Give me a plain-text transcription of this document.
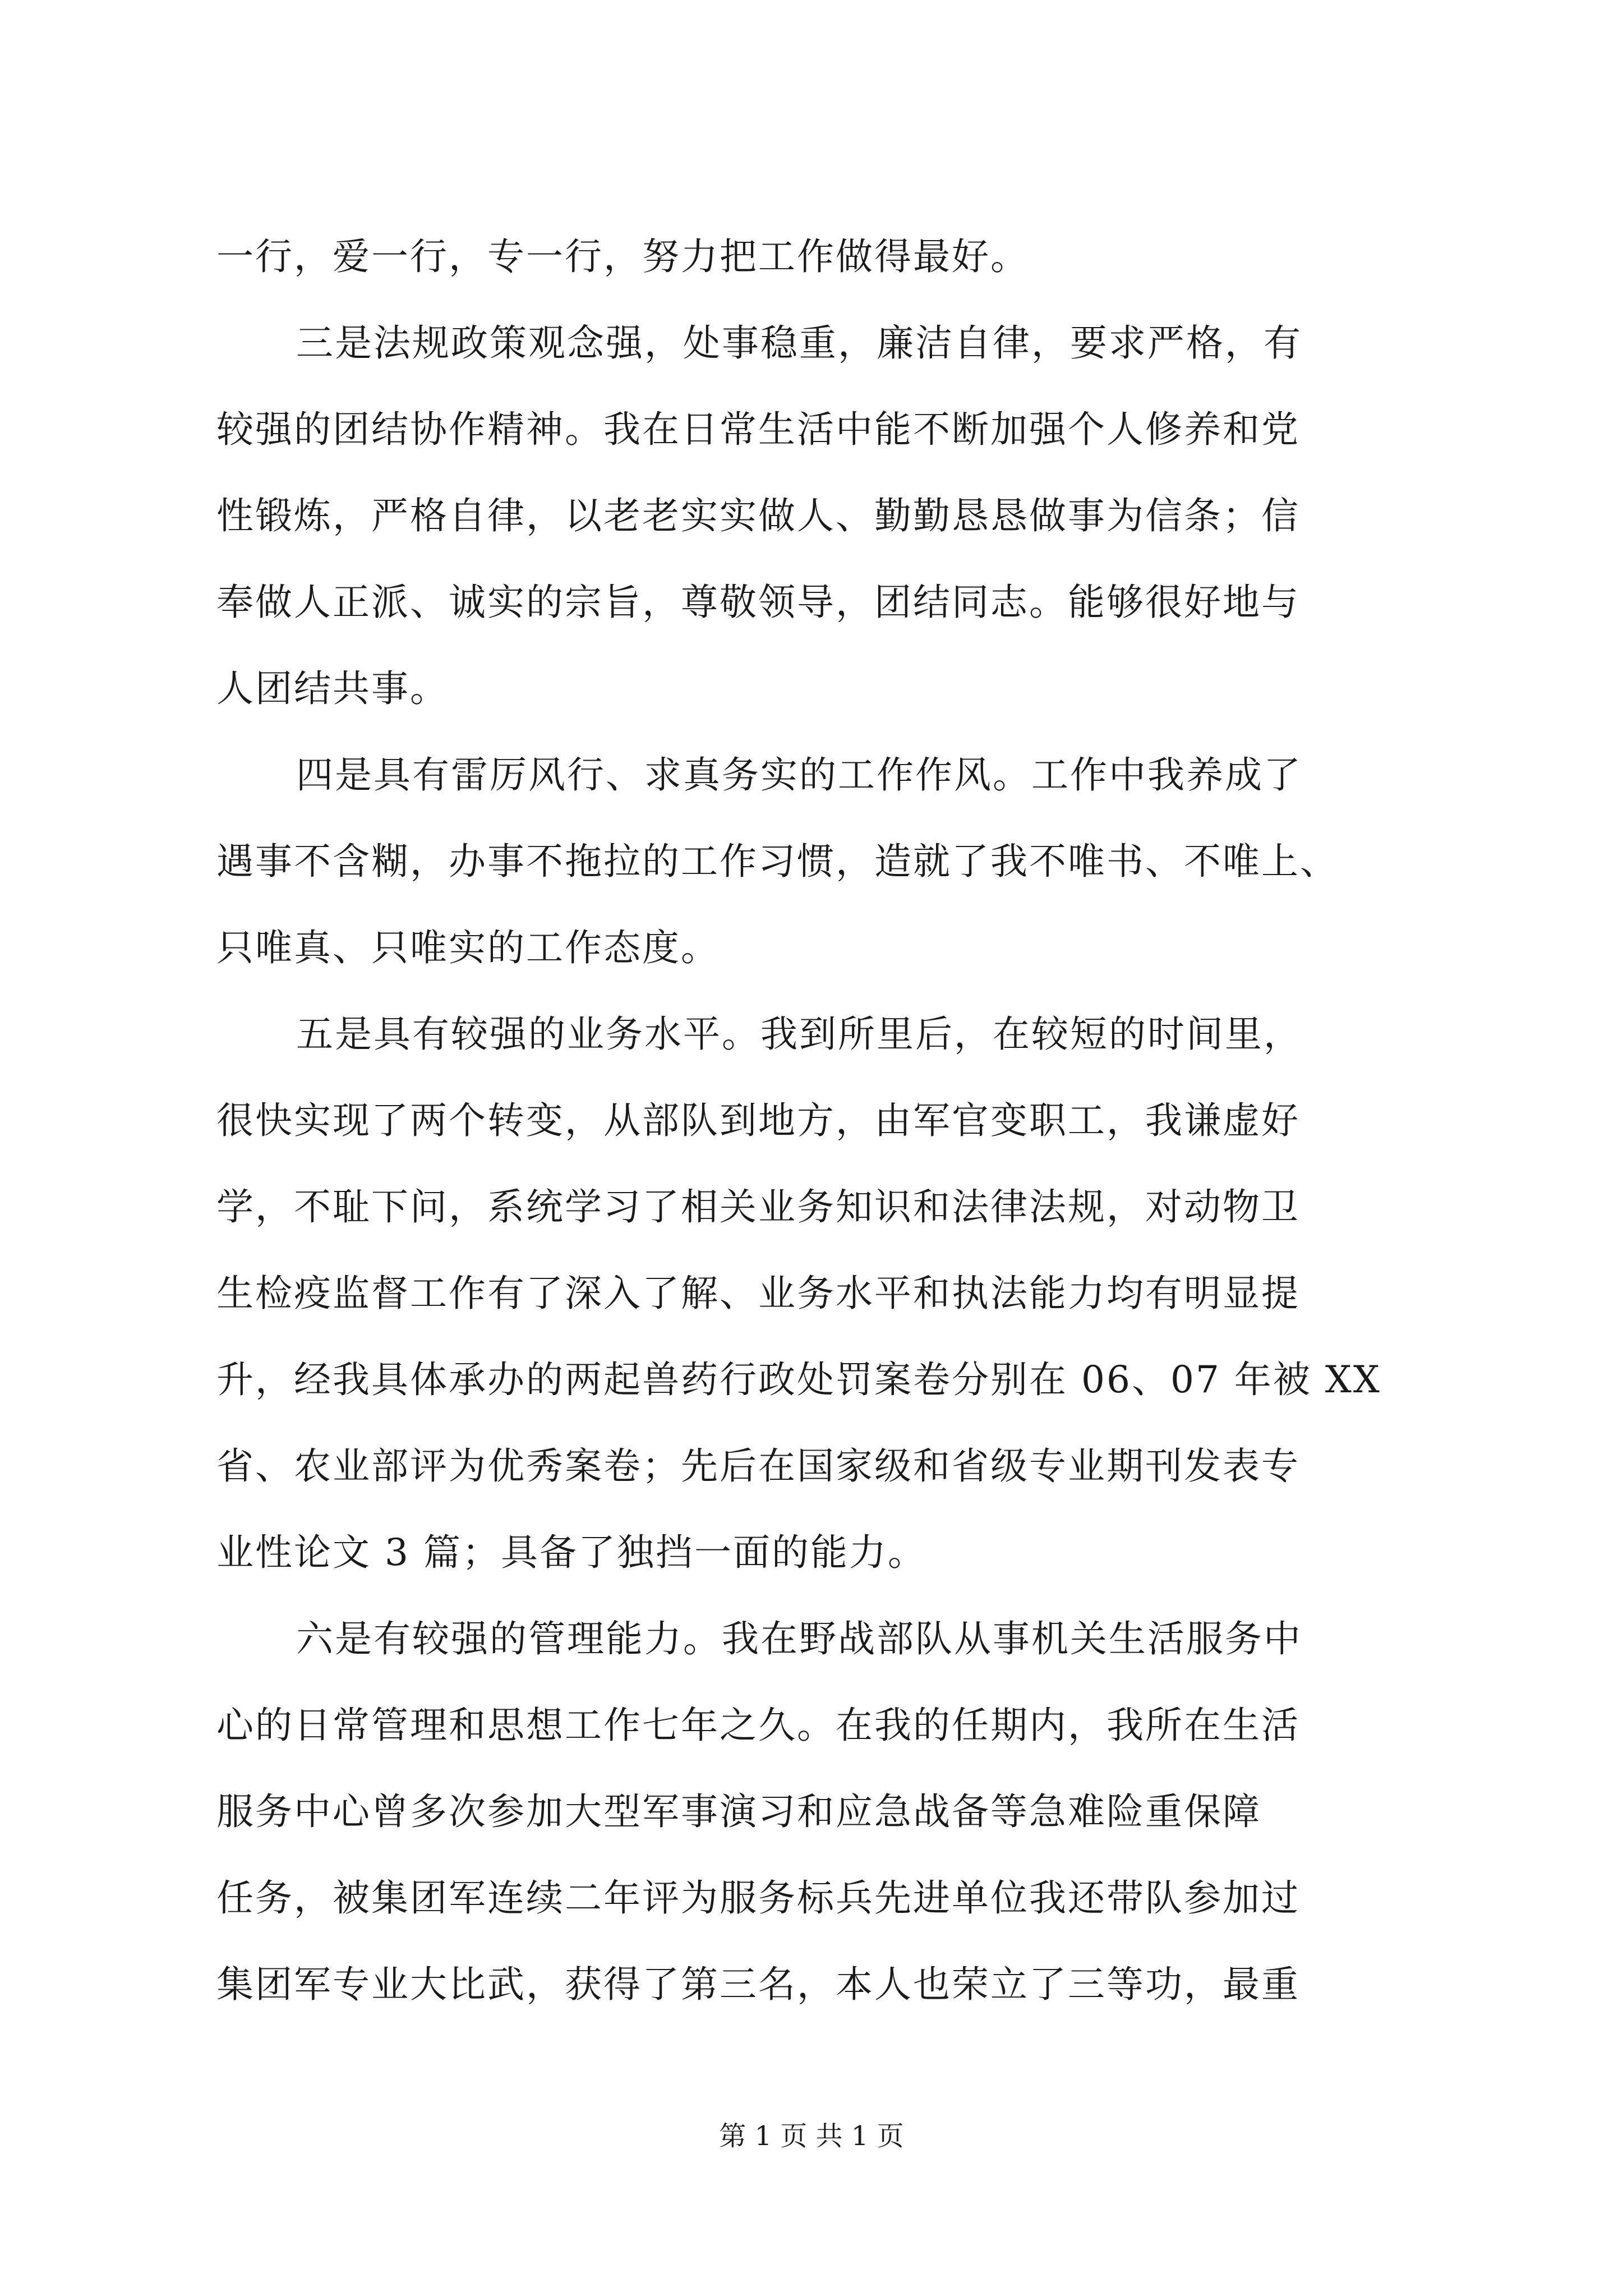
一行，爱一行，专一行，努力把工作做得最好。
三是法规政策观念强，处事稳重，廉洁自律，要求严格，有
较强的团结协作精神。我在日常生活中能不断加强个人修养和党
性锻炼，严格自律，以老老实实做人、勤勤恳恳做事为信条；信
奉做人正派、诚实的宗旨，尊敬领导，团结同志。能够很好地与
人团结共事。
四是具有雷厉风行、求真务实的工作作风。工作中我养成了
遇事不含糊，办事不拖拉的工作习惯，造就了我不唯书、不唯上、
只唯真、只唯实的工作态度。
五是具有较强的业务水平。我到所里后，在较短的时间里，
很快实现了两个转变，从部队到地方，由军官变职工，我谦虚好
学，不耻下问，系统学习了相关业务知识和法律法规，对动物卫
生检疫监督工作有了深入了解、业务水平和执法能力均有明显提
升，经我具体承办的两起兽药行政处罚案卷分别在 06、07 年被 XX
省、农业部评为优秀案卷；先后在国家级和省级专业期刊发表专
业性论文 3 篇；具备了独挡一面的能力。
六是有较强的管理能力。我在野战部队从事机关生活服务中
心的日常管理和思想工作七年之久。在我的任期内，我所在生活
服务中心曾多次参加大型军事演习和应急战备等急难险重保障
任务，被集团军连续二年评为服务标兵先进单位我还带队参加过
集团军专业大比武，获得了第三名，本人也荣立了三等功，最重
第 1 页 共 1 页
